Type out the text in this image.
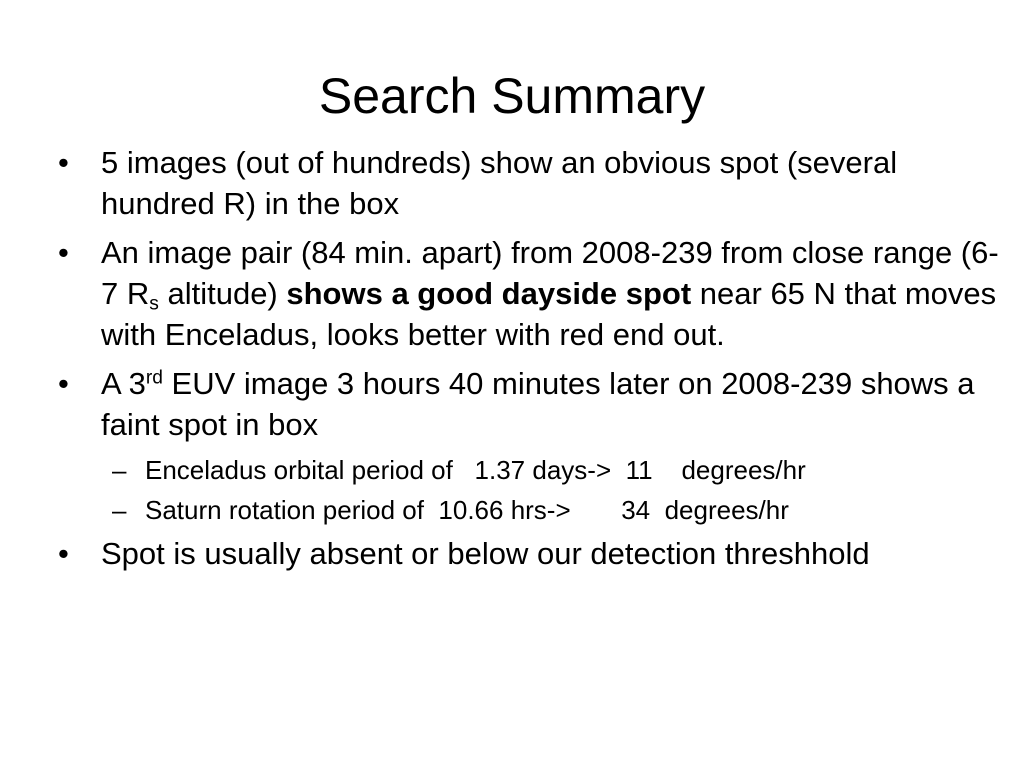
Search Summary
•	5 images (out of hundreds) show an obvious spot (several hundred R) in the box
•	An image pair (84 min. apart) from 2008-239 from close range (6-7 $R_s$ altitude) shows a good dayside spot near 65 N that moves with Enceladus, looks better with red end out.
•	A 3rd EUV image 3 hours 40 minutes later on 2008-239 shows a faint spot in box
– Enceladus orbital period of   1.37 days->  11    degrees/hr
– Saturn rotation period of  10.66 hrs->       34  degrees/hr
•	Spot is usually absent or below our detection threshhold
